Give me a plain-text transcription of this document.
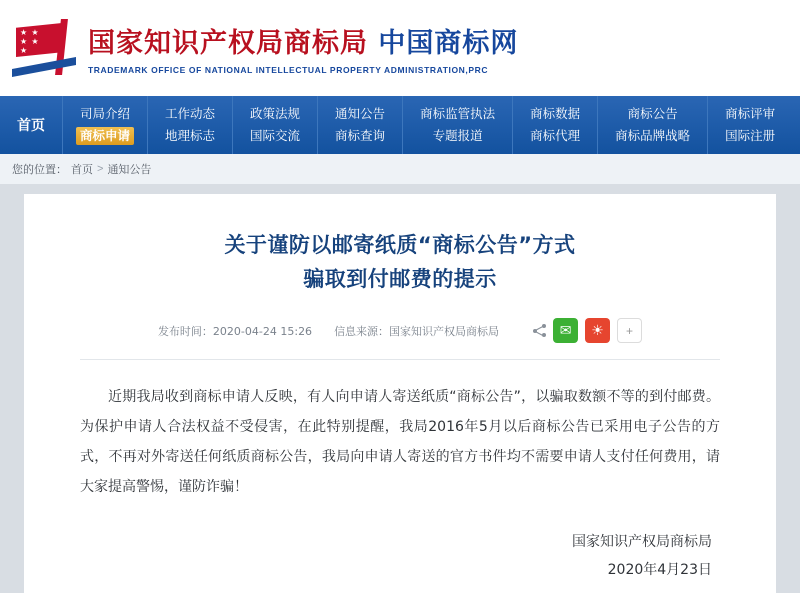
★ ★
★ ★
★	国家知识产权局商标局 中国商标网
TRADEMARK OFFICE OF NATIONAL INTELLECTUAL PROPERTY ADMINISTRATION,PRC
首页
司局介绍
商标申请
工作动态
地理标志
政策法规
国际交流
通知公告
商标查询
商标监管执法
专题报道
商标数据
商标代理
商标公告
商标品牌战略
商标评审
国际注册
您的位置： 首页 > 通知公告
关于谨防以邮寄纸质“商标公告”方式
骗取到付邮费的提示
发布时间：2020-04-24 15:26 信息来源：国家知识产权局商标局	✉	☀	+
近期我局收到商标申请人反映，有人向申请人寄送纸质“商标公告”，以骗取数额不等的到付邮费。为保护申请人合法权益不受侵害，在此特别提醒，我局2016年5月以后商标公告已采用电子公告的方式，不再对外寄送任何纸质商标公告，我局向申请人寄送的官方书件均不需要申请人支付任何费用，请大家提高警惕，谨防诈骗！
国家知识产权局商标局
2020年4月23日
